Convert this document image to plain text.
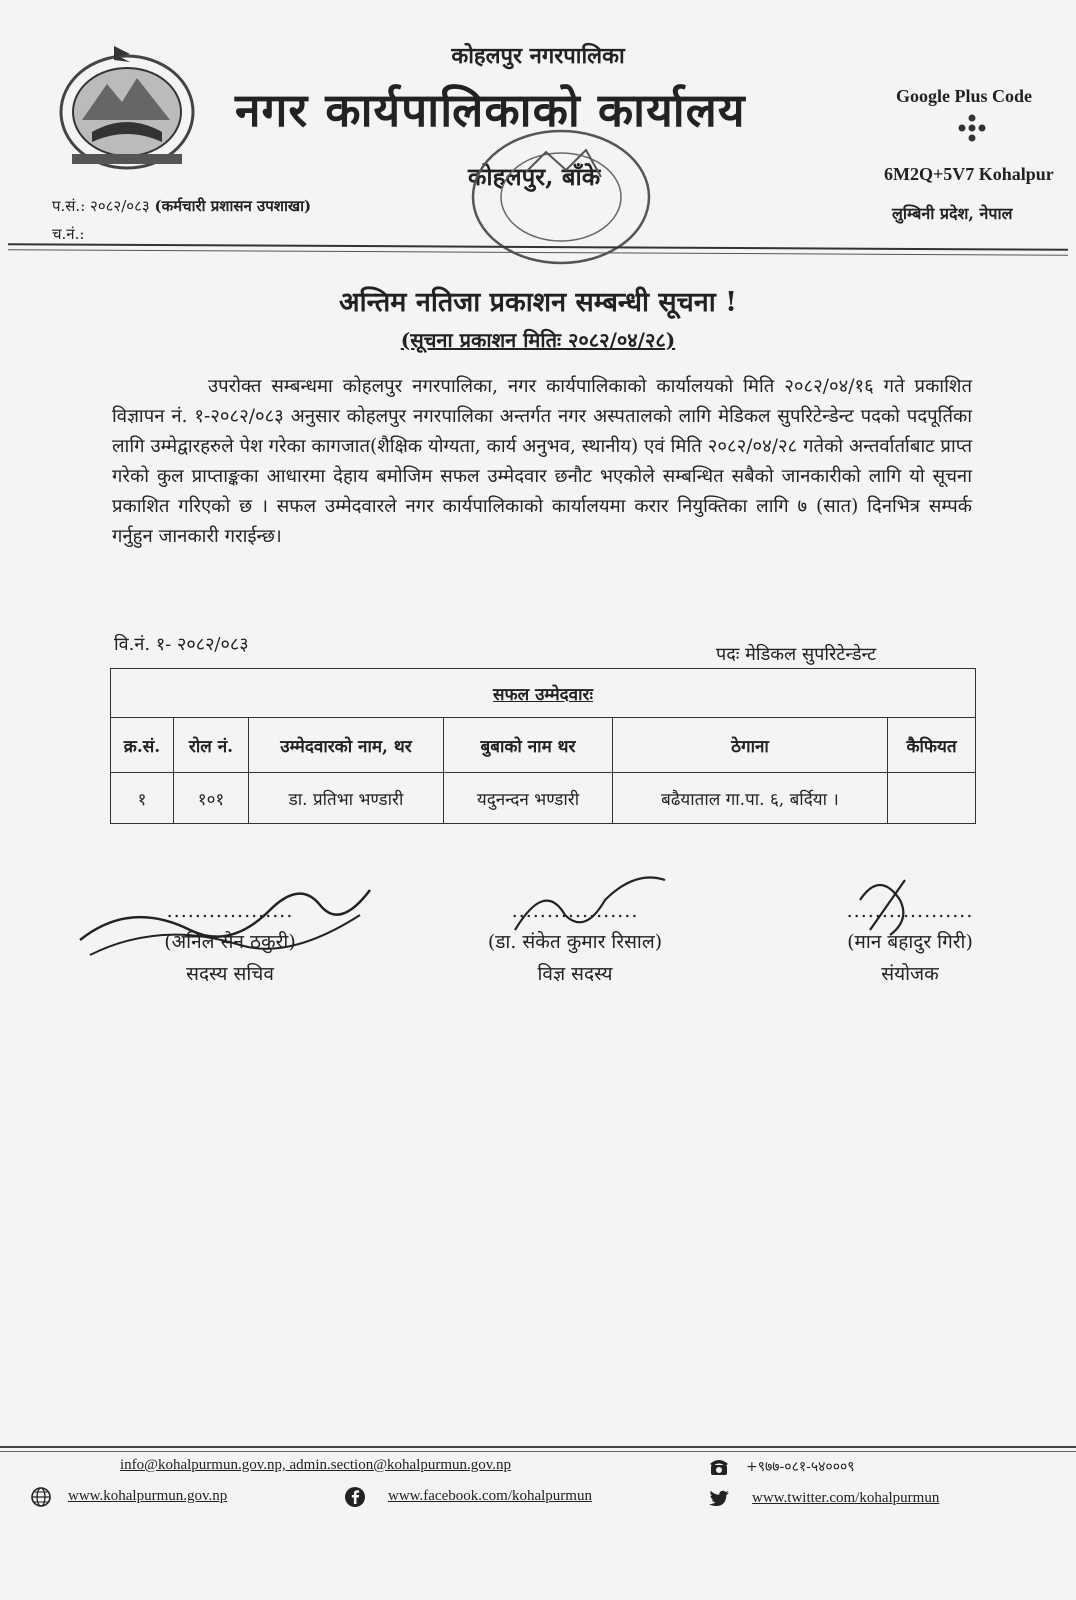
कोहलपुर नगरपालिका
नगर कार्यपालिकाको कार्यालय
कोहलपुर, बाँके
Google Plus Code
6M2Q+5V7 Kohalpur
लुम्बिनी प्रदेश, नेपाल
प.सं.: २०८२/०८३ (कर्मचारी प्रशासन उपशाखा)
च.नं.:
अन्तिम नतिजा प्रकाशन सम्बन्धी सूचना !
(सूचना प्रकाशन मितिः २०८२/०४/२८)
उपरोक्त सम्बन्धमा कोहलपुर नगरपालिका, नगर कार्यपालिकाको कार्यालयको मिति २०८२/०४/१६ गते प्रकाशित विज्ञापन नं. १-२०८२/०८३ अनुसार कोहलपुर नगरपालिका अन्तर्गत नगर अस्पतालको लागि मेडिकल सुपरिटेन्डेन्ट पदको पदपूर्तिका लागि उम्मेद्वारहरुले पेश गरेका कागजात(शैक्षिक योग्यता, कार्य अनुभव, स्थानीय) एवं मिति २०८२/०४/२८ गतेको अन्तर्वार्ताबाट प्राप्त गरेको कुल प्राप्ताङ्कका आधारमा देहाय बमोजिम सफल उम्मेदवार छनौट भएकोले सम्बन्धित सबैको जानकारीको लागि यो सूचना प्रकाशित गरिएको छ । सफल उम्मेदवारले नगर कार्यपालिकाको कार्यालयमा करार नियुक्तिका लागि ७ (सात) दिनभित्र सम्पर्क गर्नुहुन जानकारी गराईन्छ।
वि.नं. १- २०८२/०८३	पदः मेडिकल सुपरिटेन्डेन्ट
सफल उम्मेदवारः					
क्र.सं.	रोल नं.	उम्मेदवारको नाम, थर	बुबाको नाम थर	ठेगाना	कैफियत
१	१०१	डा. प्रतिभा भण्डारी	यदुनन्दन भण्डारी	बढैयाताल गा.पा. ६, बर्दिया ।	
..................
(अनिल सेन ठकुरी)
सदस्य सचिव
..................
(डा. संकेत कुमार रिसाल)
विज्ञ सदस्य
..................
(मान बहादुर गिरी)
संयोजक
info@kohalpurmun.gov.np, admin.section@kohalpurmun.gov.np	+९७७-०८१-५४०००९
www.kohalpurmun.gov.np	www.facebook.com/kohalpurmun	www.twitter.com/kohalpurmun
